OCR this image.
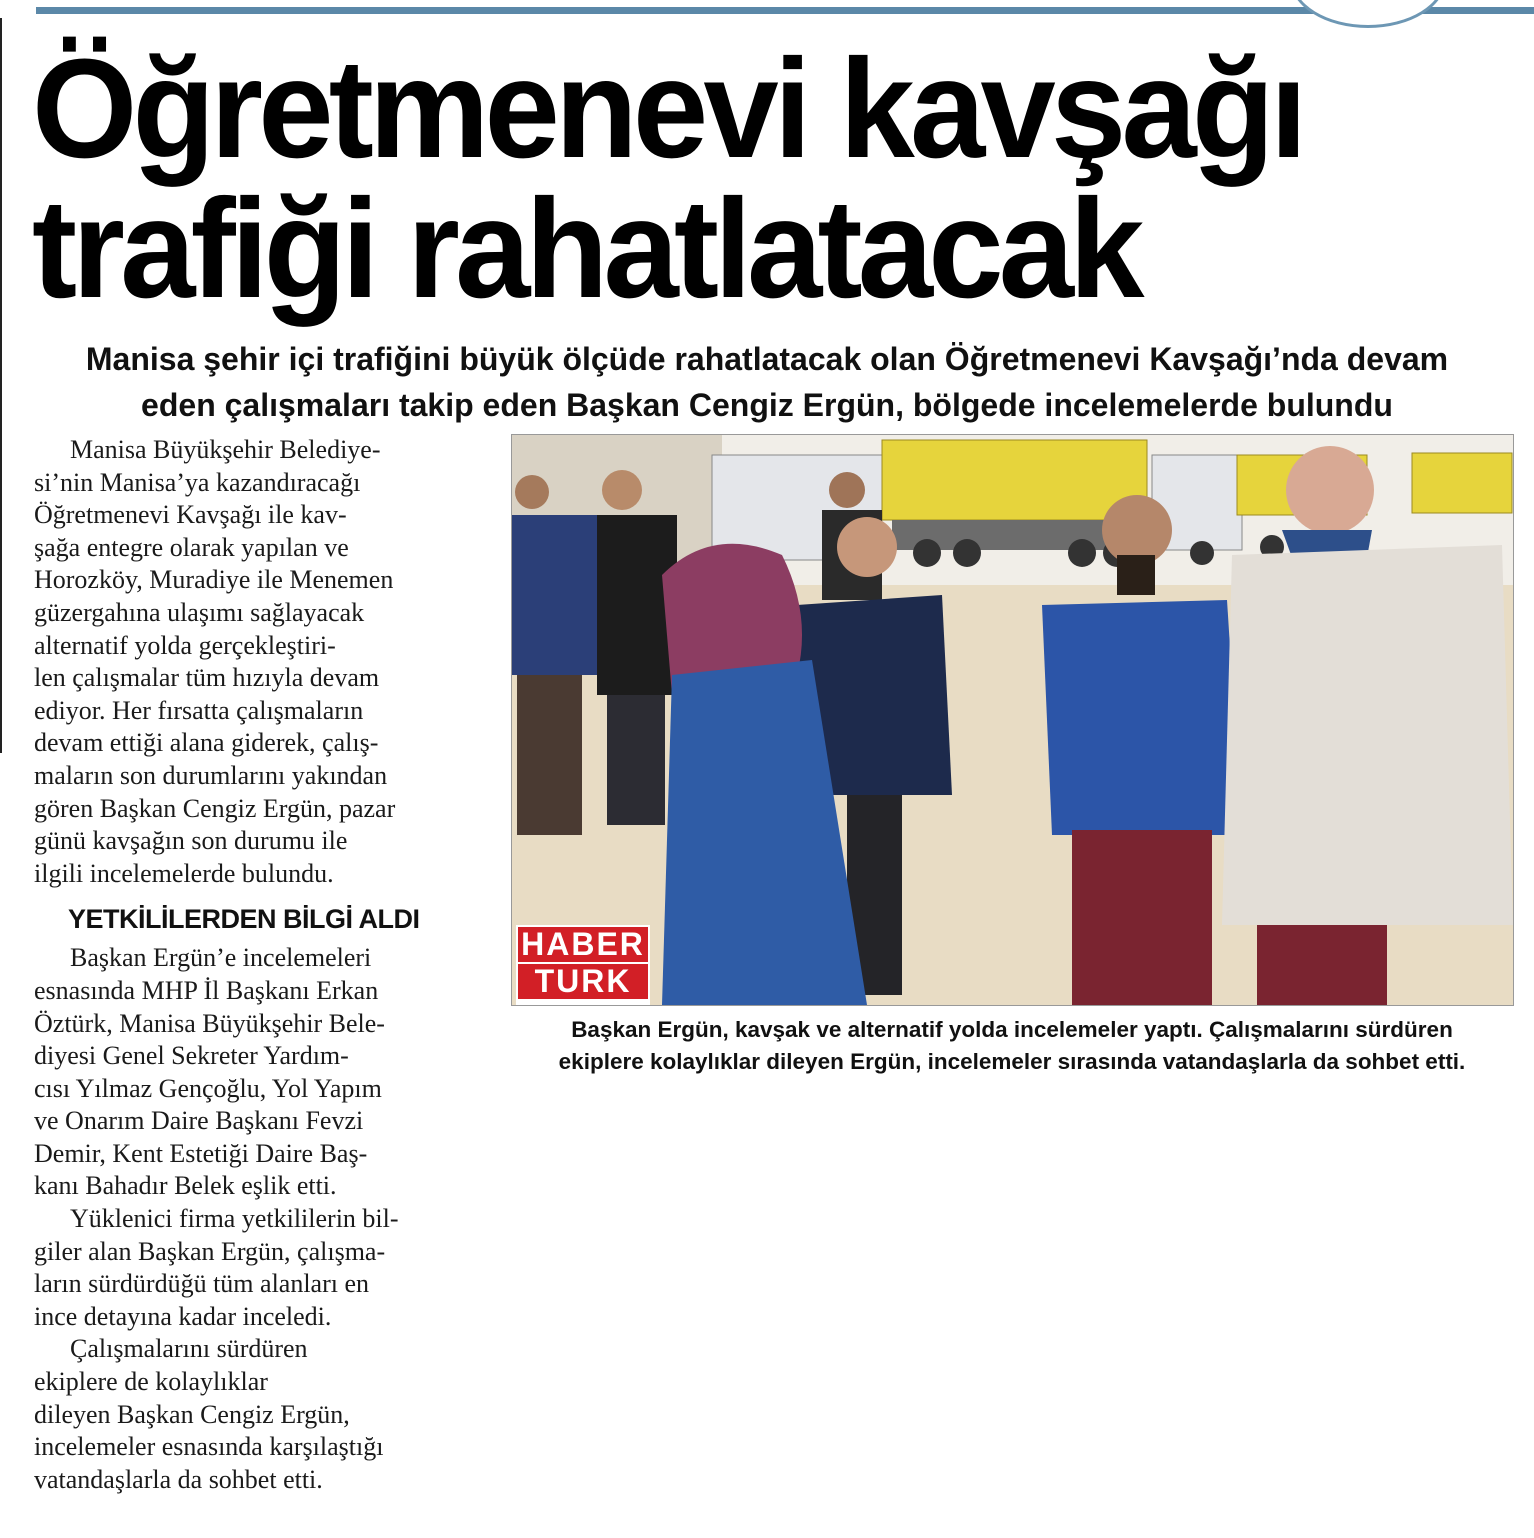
Öğretmenevi kavşağı
trafiği rahatlatacak

Manisa şehir içi trafiğini büyük ölçüde rahatlatacak olan Öğretmenevi Kavşağı’nda devam
eden çalışmaları takip eden Başkan Cengiz Ergün, bölgede incelemelerde bulundu

Manisa Büyükşehir Belediye-
si’nin Manisa’ya kazandıracağı
Öğretmenevi Kavşağı ile kav-
şağa entegre olarak yapılan ve
Horozköy, Muradiye ile Menemen
güzergahına ulaşımı sağlayacak
alternatif yolda gerçekleştiri-
len çalışmalar tüm hızıyla devam
ediyor. Her fırsatta çalışmaların
devam ettiği alana giderek, çalış-
maların son durumlarını yakından
gören Başkan Cengiz Ergün, pazar
günü kavşağın son durumu ile
ilgili incelemelerde bulundu.

YETKİLİLERDEN BİLGİ ALDI

Başkan Ergün’e incelemeleri
esnasında MHP İl Başkanı Erkan
Öztürk, Manisa Büyükşehir Bele-
diyesi Genel Sekreter Yardım-
cısı Yılmaz Gençoğlu, Yol Yapım
ve Onarım Daire Başkanı Fevzi
Demir, Kent Estetiği Daire Baş-
kanı Bahadır Belek eşlik etti.

Yüklenici firma yetkililerin bil-
giler alan Başkan Ergün, çalışma-
ların sürdürdüğü tüm alanları en
ince detayına kadar inceledi.

Çalışmalarını sürdüren
ekiplere de kolaylıklar
dileyen Başkan Cengiz Ergün,
incelemeler esnasında karşılaştığı
vatandaşlarla da sohbet etti.

HABER
TURK

Başkan Ergün, kavşak ve alternatif yolda incelemeler yaptı. Çalışmalarını sürdüren
ekiplere kolaylıklar dileyen Ergün, incelemeler sırasında vatandaşlarla da sohbet etti.
